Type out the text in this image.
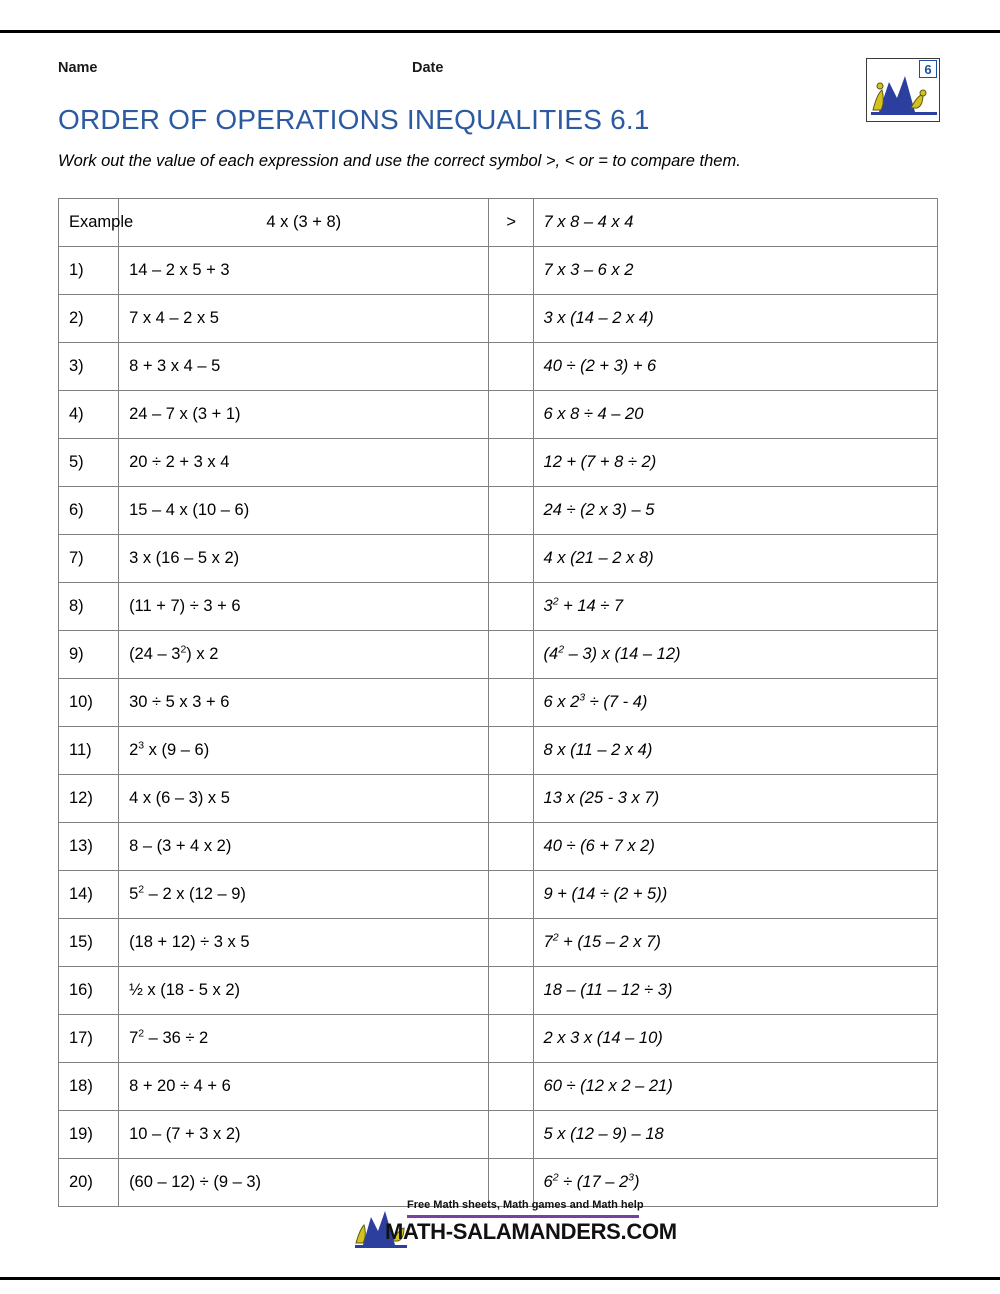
Name	Date	6
ORDER OF OPERATIONS INEQUALITIES 6.1
Work out the value of each expression and use the correct symbol >, < or = to compare them.
Example	4 x (3 + 8)	>	7 x 8 – 4 x 4
1)	14 – 2 x 5 + 3		7 x 3 – 6 x 2
2)	7 x 4 – 2 x 5		3 x (14 – 2 x 4)
3)	8 + 3 x 4 – 5		40 ÷ (2 + 3) + 6
4)	24 – 7 x (3 + 1)		6 x 8 ÷ 4 – 20
5)	20 ÷ 2 + 3 x 4		12 + (7 + 8 ÷ 2)
6)	15 – 4 x (10 – 6)		24 ÷ (2 x 3) – 5
7)	3 x (16 – 5 x 2)		4 x (21 – 2 x 8)
8)	(11 + 7) ÷ 3 + 6		$3^2 + 14 \div 7$
9)	$(24 - 3^2)$ x 2		$(4^2 - 3)$ x (14 – 12)
10)	30 ÷ 5 x 3 + 6		6 x $2^3 \div (7 - 4)$
11)	$2^3$ x (9 – 6)		8 x (11 – 2 x 4)
12)	4 x (6 – 3) x 5		13 x (25 - 3 x 7)
13)	8 – (3 + 4 x 2)		40 ÷ (6 + 7 x 2)
14)	$5^2 - 2$ x (12 – 9)		9 + (14 ÷ (2 + 5))
15)	(18 + 12) ÷ 3 x 5		$7^2 + (15 - 2$ x 7)
16)	½ x (18 - 5 x 2)		18 – (11 – 12 ÷ 3)
17)	$7^2 - 36 \div 2$		2 x 3 x (14 – 10)
18)	8 + 20 ÷ 4 + 6		60 ÷ (12 x 2 – 21)
19)	10 – (7 + 3 x 2)		5 x (12 – 9) – 18
20)	(60 – 12) ÷ (9 – 3)		$6^2 \div (17 - 2^3)$
Free Math sheets, Math games and Math help
MATH-SALAMANDERS.COM
